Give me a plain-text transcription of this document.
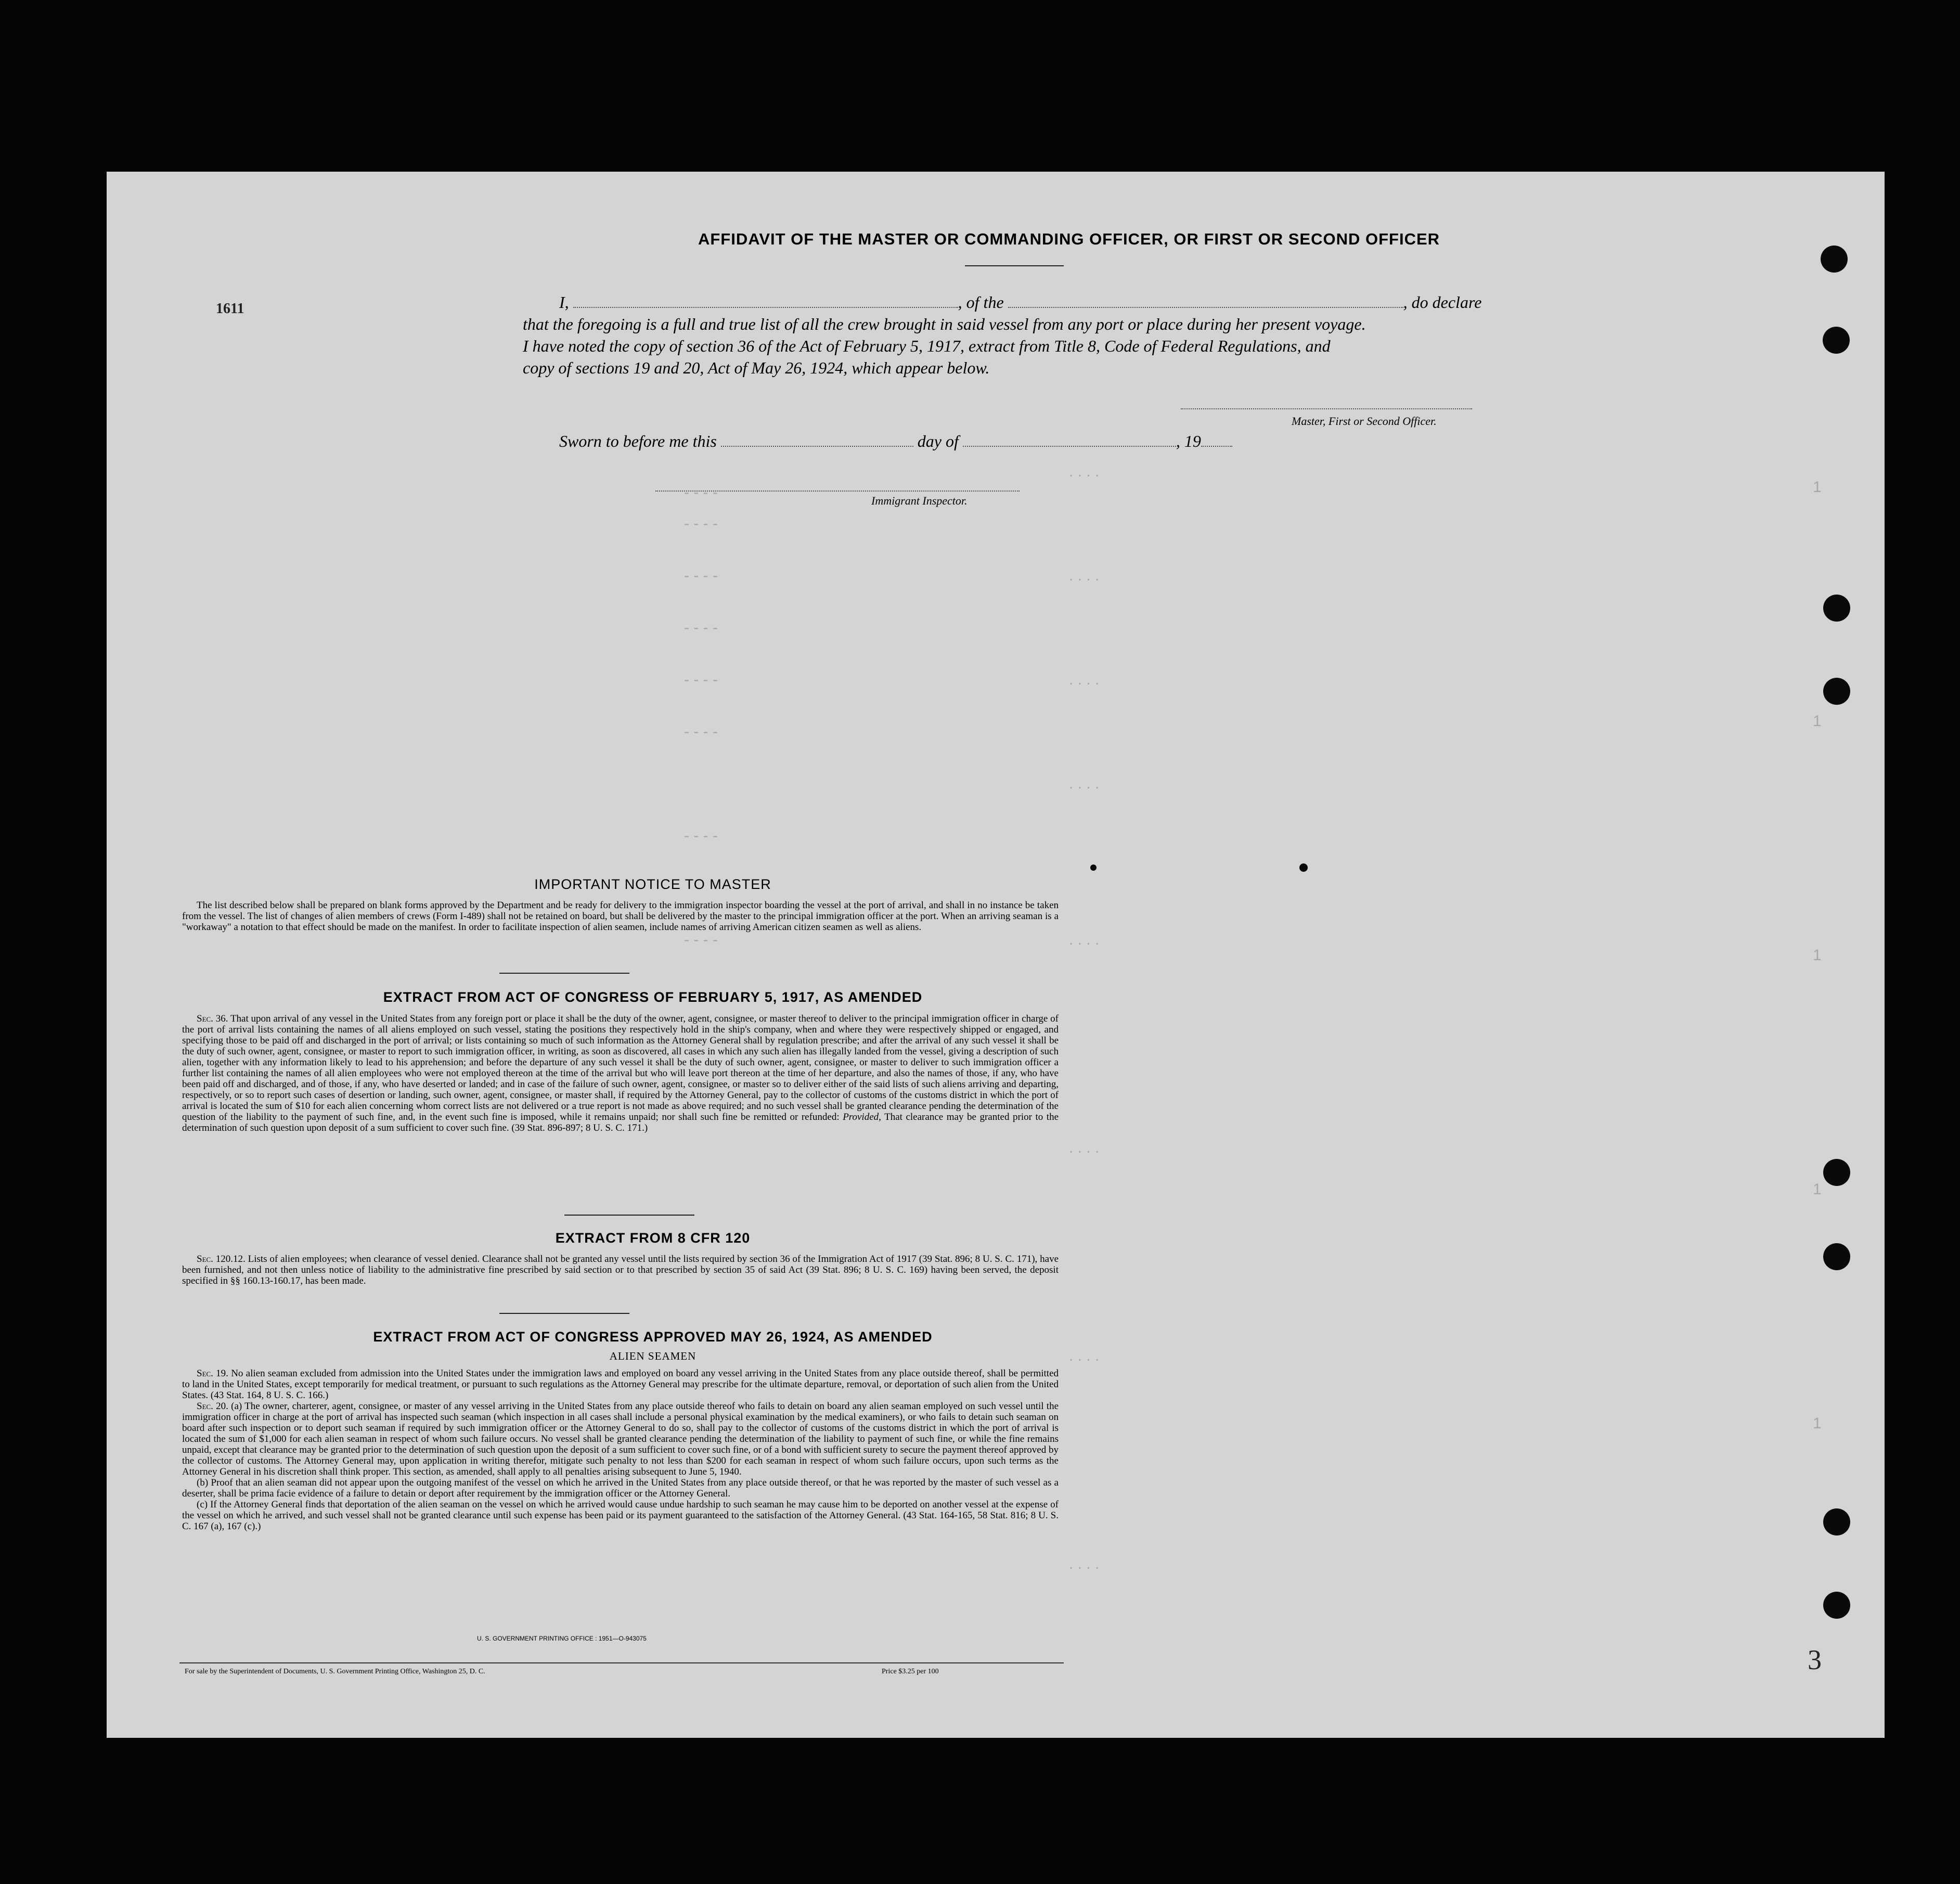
- - - -
- - - -
- - - -
- - - -
- - - -
- - - -
- - - -
- - - -
. . . .
. . . .
. . . .
. . . .
. . . .
. . . .
. . . .
. . . .
1
1
1
1
1
1611
3
AFFIDAVIT OF THE MASTER OR COMMANDING OFFICER, OR FIRST OR SECOND OFFICER
I,	, of the	, do declare
that the foregoing is a full and true list of all the crew brought in said vessel from any port or place during her present voyage.
I have noted the copy of section 36 of the Act of February 5, 1917, extract from Title 8, Code of Federal Regulations, and
copy of sections 19 and 20, Act of May 26, 1924, which appear below.
Master, First or Second Officer.
Sworn to before me this	day of	, 19
Immigrant Inspector.
IMPORTANT NOTICE TO MASTER

The list described below shall be prepared on blank forms approved by the Department and be ready for delivery to the immigration inspector boarding the vessel at the port of arrival, and shall in no instance be taken from the vessel. The list of changes of alien members of crews (Form I-489) shall not be retained on board, but shall be delivered by the master to the principal immigration officer at the port. When an arriving seaman is a "workaway" a notation to that effect should be made on the manifest. In order to facilitate inspection of alien seamen, include names of arriving American citizen seamen as well as aliens.

EXTRACT FROM ACT OF CONGRESS OF FEBRUARY 5, 1917, AS AMENDED

Sec. 36. That upon arrival of any vessel in the United States from any foreign port or place it shall be the duty of the owner, agent, consignee, or master thereof to deliver to the principal immigration officer in charge of the port of arrival lists containing the names of all aliens employed on such vessel, stating the positions they respectively hold in the ship's company, when and where they were respectively shipped or engaged, and specifying those to be paid off and discharged in the port of arrival; or lists containing so much of such information as the Attorney General shall by regulation prescribe; and after the arrival of any such vessel it shall be the duty of such owner, agent, consignee, or master to report to such immigration officer, in writing, as soon as discovered, all cases in which any such alien has illegally landed from the vessel, giving a description of such alien, together with any information likely to lead to his apprehension; and before the departure of any such vessel it shall be the duty of such owner, agent, consignee, or master to deliver to such immigration officer a further list containing the names of all alien employees who were not employed thereon at the time of the arrival but who will leave port thereon at the time of her departure, and also the names of those, if any, who have been paid off and discharged, and of those, if any, who have deserted or landed; and in case of the failure of such owner, agent, consignee, or master so to deliver either of the said lists of such aliens arriving and departing, respectively, or so to report such cases of desertion or landing, such owner, agent, consignee, or master shall, if required by the Attorney General, pay to the collector of customs of the customs district in which the port of arrival is located the sum of $10 for each alien concerning whom correct lists are not delivered or a true report is not made as above required; and no such vessel shall be granted clearance pending the determination of the question of the liability to the payment of such fine, and, in the event such fine is imposed, while it remains unpaid; nor shall such fine be remitted or refunded: Provided, That clearance may be granted prior to the determination of such question upon deposit of a sum sufficient to cover such fine. (39 Stat. 896-897; 8 U. S. C. 171.)

EXTRACT FROM 8 CFR 120

Sec. 120.12. Lists of alien employees; when clearance of vessel denied. Clearance shall not be granted any vessel until the lists required by section 36 of the Immigration Act of 1917 (39 Stat. 896; 8 U. S. C. 171), have been furnished, and not then unless notice of liability to the administrative fine prescribed by said section or to that prescribed by section 35 of said Act (39 Stat. 896; 8 U. S. C. 169) having been served, the deposit specified in §§ 160.13-160.17, has been made.

EXTRACT FROM ACT OF CONGRESS APPROVED MAY 26, 1924, AS AMENDED
ALIEN SEAMEN

Sec. 19. No alien seaman excluded from admission into the United States under the immigration laws and employed on board any vessel arriving in the United States from any place outside thereof, shall be permitted to land in the United States, except temporarily for medical treatment, or pursuant to such regulations as the Attorney General may prescribe for the ultimate departure, removal, or deportation of such alien from the United States. (43 Stat. 164, 8 U. S. C. 166.)

Sec. 20. (a) The owner, charterer, agent, consignee, or master of any vessel arriving in the United States from any place outside thereof who fails to detain on board any alien seaman employed on such vessel until the immigration officer in charge at the port of arrival has inspected such seaman (which inspection in all cases shall include a personal physical examination by the medical examiners), or who fails to detain such seaman on board after such inspection or to deport such seaman if required by such immigration officer or the Attorney General to do so, shall pay to the collector of customs of the customs district in which the port of arrival is located the sum of $1,000 for each alien seaman in respect of whom such failure occurs. No vessel shall be granted clearance pending the determination of the liability to payment of such fine, or while the fine remains unpaid, except that clearance may be granted prior to the determination of such question upon the deposit of a sum sufficient to cover such fine, or of a bond with sufficient surety to secure the payment thereof approved by the collector of customs. The Attorney General may, upon application in writing therefor, mitigate such penalty to not less than $200 for each seaman in respect of whom such failure occurs, upon such terms as the Attorney General in his discretion shall think proper. This section, as amended, shall apply to all penalties arising subsequent to June 5, 1940.

(b) Proof that an alien seaman did not appear upon the outgoing manifest of the vessel on which he arrived in the United States from any place outside thereof, or that he was reported by the master of such vessel as a deserter, shall be prima facie evidence of a failure to detain or deport after requirement by the immigration officer or the Attorney General.

(c) If the Attorney General finds that deportation of the alien seaman on the vessel on which he arrived would cause undue hardship to such seaman he may cause him to be deported on another vessel at the expense of the vessel on which he arrived, and such vessel shall not be granted clearance until such expense has been paid or its payment guaranteed to the satisfaction of the Attorney General. (43 Stat. 164-165, 58 Stat. 816; 8 U. S. C. 167 (a), 167 (c).)

U. S. GOVERNMENT PRINTING OFFICE : 1951—O-943075
For sale by the Superintendent of Documents, U. S. Government Printing Office, Washington 25, D. C.	Price $3.25 per 100
